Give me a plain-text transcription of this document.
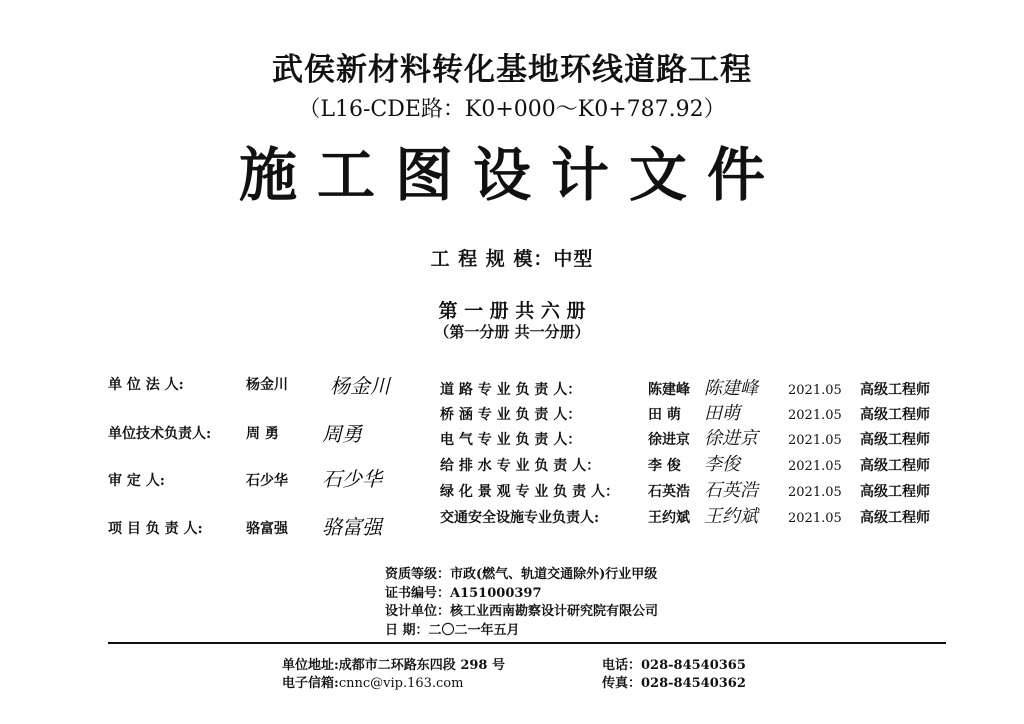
武侯新材料转化基地环线道路工程
（L16-CDE路：K0+000～K0+787.92）
施工图设计文件
工 程 规 模：中型
第 一 册 共 六 册
（第一分册 共一分册）
单 位 法 人:	杨金川 杨金川
单位技术负责人: 周 勇 周勇
审 定 人:	石少华 石少华
项 目 负 责 人:	骆富强 骆富强
道 路 专 业 负 责 人：	陈建峰 陈建峰 2021.05 高级工程师
桥 涵 专 业 负 责 人：	田 萌 田萌	2021.05 高级工程师
电 气 专 业 负 责 人：	徐进京 徐进京 2021.05 高级工程师
给 排 水 专 业 负 责 人：	李 俊 李俊	2021.05 高级工程师
绿 化 景 观 专 业 负 责 人： 石英浩 石英浩 2021.05 高级工程师
交通安全设施专业负责人:	王约斌 王约斌 2021.05 高级工程师
资质等级：市政(燃气、轨道交通除外)行业甲级
证书编号：A151000397
设计单位：核工业西南勘察设计研究院有限公司
日 期：二〇二一年五月
单位地址:成都市二环路东四段 298 号
电子信箱:cnnc@vip.163.com
电话：028-84540365
传真：028-84540362
